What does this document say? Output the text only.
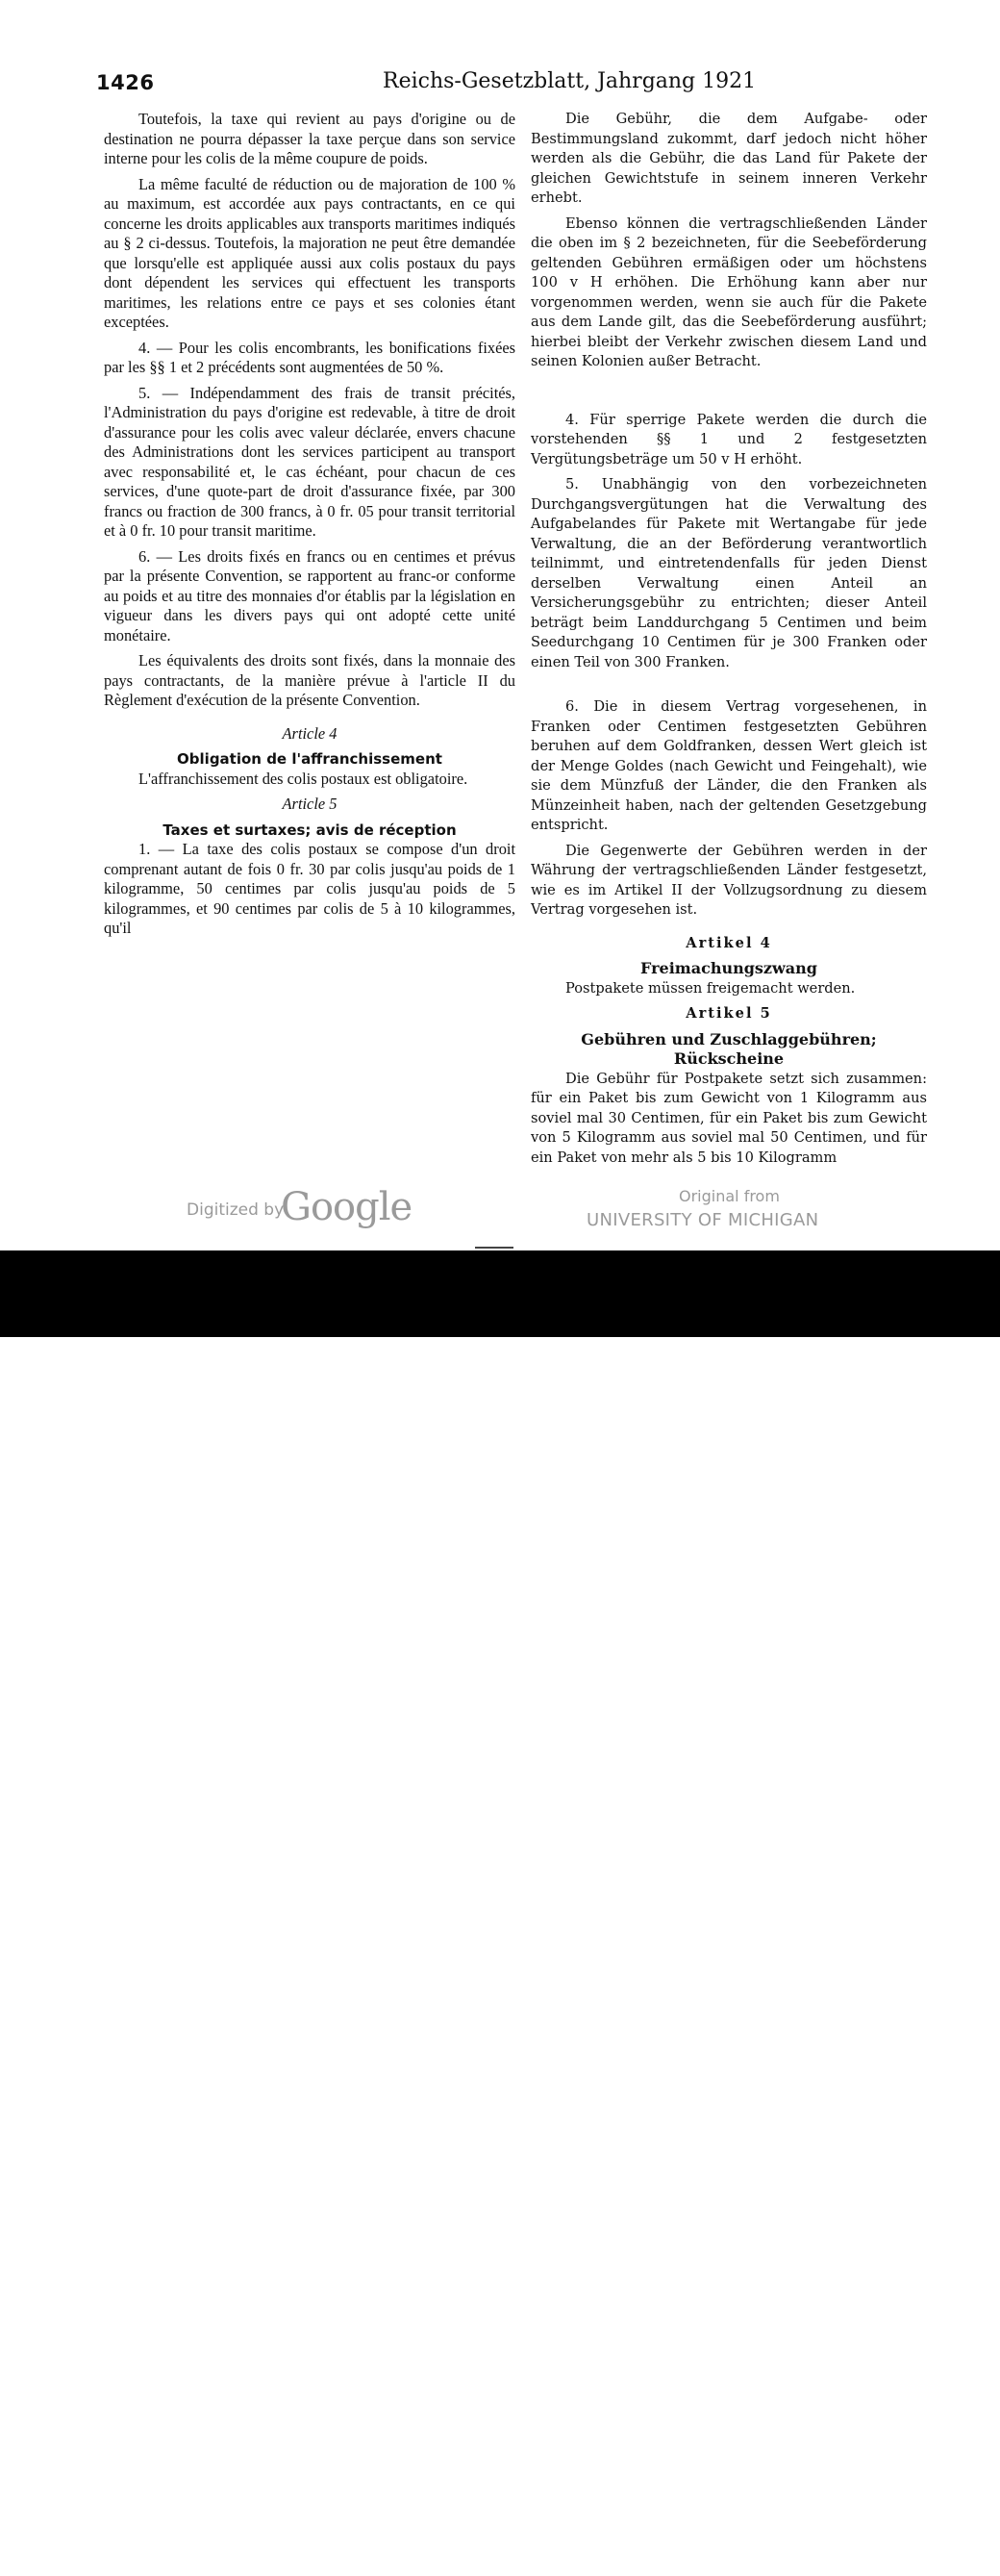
1426	Reichs-Gesetzblatt, Jahrgang 1921

Toutefois, la taxe qui revient au pays d'origine ou de destination ne pourra dépasser la taxe perçue dans son service interne pour les colis de la même coupure de poids.

La même faculté de réduction ou de majoration de 100 % au maximum, est accordée aux pays contractants, en ce qui concerne les droits applicables aux transports maritimes indiqués au § 2 ci-dessus. Toutefois, la majoration ne peut être demandée que lorsqu'elle est appliquée aussi aux colis postaux du pays dont dépendent les services qui effectuent les transports maritimes, les relations entre ce pays et ses colonies étant exceptées.

4. — Pour les colis encombrants, les bonifications fixées par les §§ 1 et 2 précédents sont augmentées de 50 %.

5. — Indépendamment des frais de transit précités, l'Administration du pays d'origine est redevable, à titre de droit d'assurance pour les colis avec valeur déclarée, envers chacune des Administrations dont les services participent au transport avec responsabilité et, le cas échéant, pour chacun de ces services, d'une quote-part de droit d'assurance fixée, par 300 francs ou fraction de 300 francs, à 0 fr. 05 pour transit territorial et à 0 fr. 10 pour transit maritime.

6. — Les droits fixés en francs ou en centimes et prévus par la présente Convention, se rapportent au franc-or conforme au poids et au titre des monnaies d'or établis par la législation en vigueur dans les divers pays qui ont adopté cette unité monétaire.

Les équivalents des droits sont fixés, dans la monnaie des pays contractants, de la manière prévue à l'article II du Règlement d'exécution de la présente Convention.

Article 4

Obligation de l'affranchissement

L'affranchissement des colis postaux est obligatoire.

Article 5

Taxes et surtaxes; avis de réception

1. — La taxe des colis postaux se compose d'un droit comprenant autant de fois 0 fr. 30 par colis jusqu'au poids de 1 kilogramme, 50 centimes par colis jusqu'au poids de 5 kilogrammes, et 90 centimes par colis de 5 à 10 kilogrammes, qu'il

Die Gebühr, die dem Aufgabe- oder Bestimmungsland zukommt, darf jedoch nicht höher werden als die Gebühr, die das Land für Pakete der gleichen Gewichtstufe in seinem inneren Verkehr erhebt.

Ebenso können die vertragschließenden Länder die oben im § 2 bezeichneten, für die Seebeförderung geltenden Gebühren ermäßigen oder um höchstens 100 v H erhöhen. Die Erhöhung kann aber nur vorgenommen werden, wenn sie auch für die Pakete aus dem Lande gilt, das die Seebeförderung ausführt; hierbei bleibt der Verkehr zwischen diesem Land und seinen Kolonien außer Betracht.

4. Für sperrige Pakete werden die durch die vorstehenden §§ 1 und 2 festgesetzten Vergütungsbeträge um 50 v H erhöht.

5. Unabhängig von den vorbezeichneten Durchgangsvergütungen hat die Verwaltung des Aufgabelandes für Pakete mit Wertangabe für jede Verwaltung, die an der Beförderung verantwortlich teilnimmt, und eintretendenfalls für jeden Dienst derselben Verwaltung einen Anteil an Versicherungsgebühr zu entrichten; dieser Anteil beträgt beim Landdurchgang 5 Centimen und beim Seedurchgang 10 Centimen für je 300 Franken oder einen Teil von 300 Franken.

6. Die in diesem Vertrag vorgesehenen, in Franken oder Centimen festgesetzten Gebühren beruhen auf dem Goldfranken, dessen Wert gleich ist der Menge Goldes (nach Gewicht und Feingehalt), wie sie dem Münzfuß der Länder, die den Franken als Münzeinheit haben, nach der geltenden Gesetzgebung entspricht.

Die Gegenwerte der Gebühren werden in der Währung der vertragschließenden Länder festgesetzt, wie es im Artikel II der Vollzugsordnung zu diesem Vertrag vorgesehen ist.

Artikel 4

Freimachungszwang

Postpakete müssen freigemacht werden.

Artikel 5

Gebühren und Zuschlaggebühren; Rückscheine

Die Gebühr für Postpakete setzt sich zusammen: für ein Paket bis zum Gewicht von 1 Kilogramm aus soviel mal 30 Centimen, für ein Paket bis zum Gewicht von 5 Kilogramm aus soviel mal 50 Centimen, und für ein Paket von mehr als 5 bis 10 Kilogramm

Digitized by
Google	Original from
UNIVERSITY OF MICHIGAN
alamy	P9YDFB
www.alamy.com
